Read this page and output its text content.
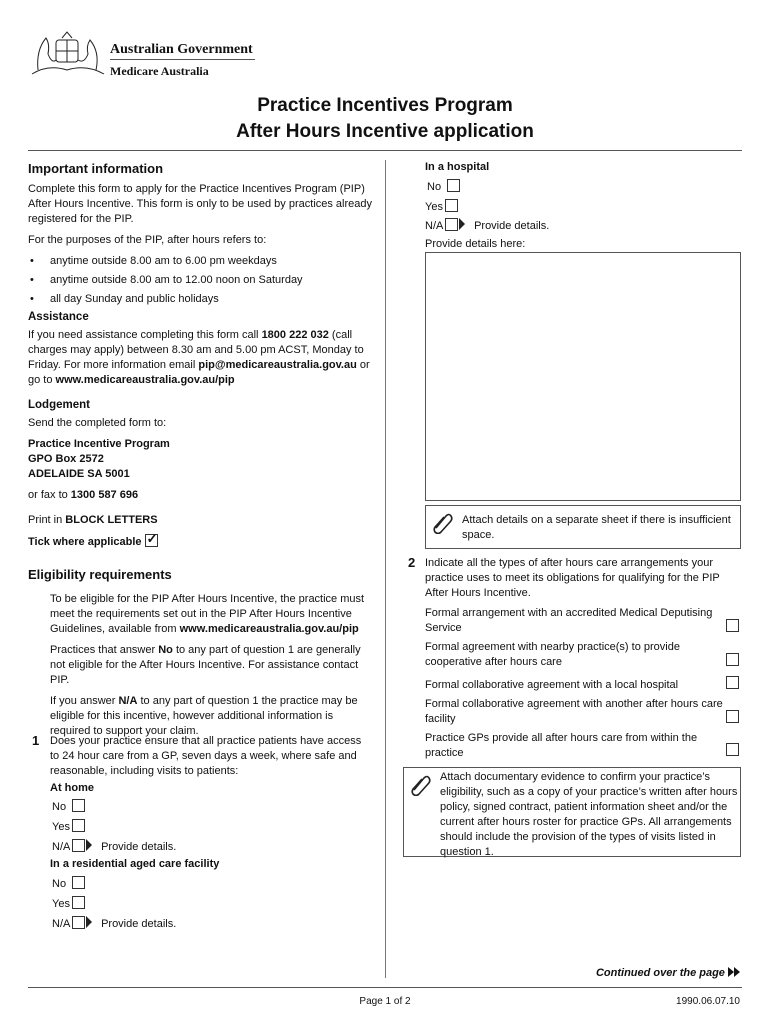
Australian Government
Medicare Australia
Practice Incentives Program
After Hours Incentive application
Important information

Complete this form to apply for the Practice Incentives Program (PIP) After Hours Incentive. This form is only to be used by practices already registered for the PIP.

For the purposes of the PIP, after hours refers to:

• anytime outside 8.00 am to 6.00 pm weekdays
• anytime outside 8.00 am to 12.00 noon on Saturday
• all day Sunday and public holidays
Assistance

If you need assistance completing this form call 1800 222 032 (call charges may apply) between 8.30 am and 5.00 pm ACST, Monday to Friday. For more information email pip@medicareaustralia.gov.au or go to www.medicareaustralia.gov.au/pip

Lodgement

Send the completed form to:

Practice Incentive Program
GPO Box 2572
ADELAIDE SA 5001

or fax to 1300 587 696

Print in BLOCK LETTERS

Tick where applicable ✓

Eligibility requirements

To be eligible for the PIP After Hours Incentive, the practice must meet the requirements set out in the PIP After Hours Incentive Guidelines, available from www.medicareaustralia.gov.au/pip

Practices that answer No to any part of question 1 are generally not eligible for the After Hours Incentive. For assistance contact PIP.

If you answer N/A to any part of question 1 the practice may be eligible for this incentive, however additional information is required to support your claim.

1 Does your practice ensure that all practice patients have access to 24 hour care from a GP, seven days a week, where safe and reasonable, including visits to patients:
At home
No
Yes
N/A	Provide details.
In a residential aged care facility
No
Yes
N/A	Provide details.
In a hospital
No
Yes
N/A	Provide details.
Provide details here:
Attach details on a separate sheet if there is insufficient space.
2 Indicate all the types of after hours care arrangements your practice uses to meet its obligations for qualifying for the PIP After Hours Incentive.
Formal arrangement with an accredited Medical Deputising Service
Formal agreement with nearby practice(s) to provide cooperative after hours care
Formal collaborative agreement with a local hospital
Formal collaborative agreement with another after hours care facility
Practice GPs provide all after hours care from within the practice
Attach documentary evidence to confirm your practice’s eligibility, such as a copy of your practice’s written after hours policy, signed contract, patient information sheet and/or the current after hours roster for practice GPs. All arrangements should include the provision of the types of visits listed in question 1.
Continued over the page
Page 1 of 2	1990.06.07.10
